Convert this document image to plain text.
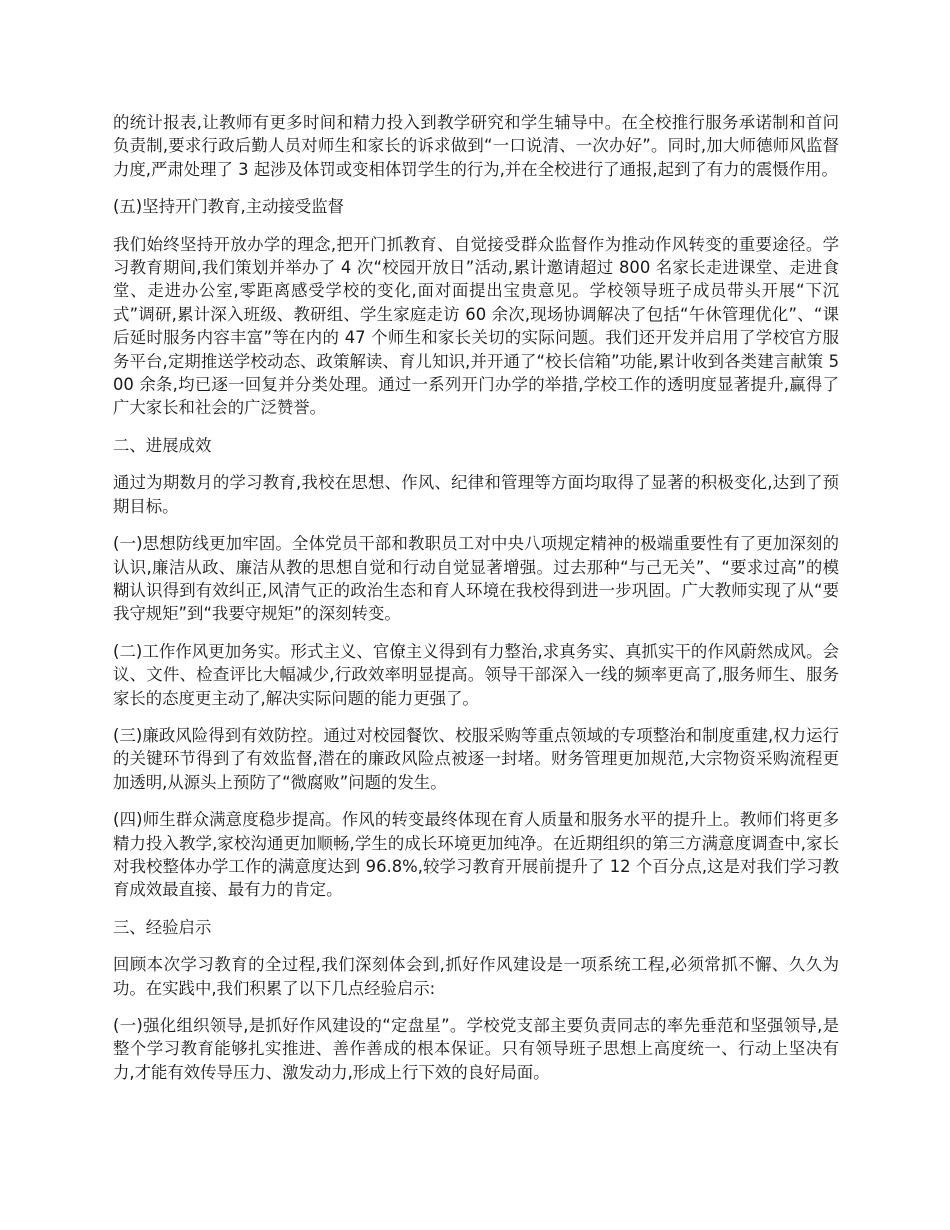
的统计报表,让教师有更多时间和精力投入到教学研究和学生辅导中。在全校推行服务承诺制和首问负责制,要求行政后勤人员对师生和家长的诉求做到“一口说清、一次办好”。同时,加大师德师风监督力度,严肃处理了 3 起涉及体罚或变相体罚学生的行为,并在全校进行了通报,起到了有力的震慑作用。

(五)坚持开门教育,主动接受监督

我们始终坚持开放办学的理念,把开门抓教育、自觉接受群众监督作为推动作风转变的重要途径。学习教育期间,我们策划并举办了 4 次“校园开放日”活动,累计邀请超过 800 名家长走进课堂、走进食堂、走进办公室,零距离感受学校的变化,面对面提出宝贵意见。学校领导班子成员带头开展“下沉式”调研,累计深入班级、教研组、学生家庭走访 60 余次,现场协调解决了包括“午休管理优化”、“课后延时服务内容丰富”等在内的 47 个师生和家长关切的实际问题。我们还开发并启用了学校官方服务平台,定期推送学校动态、政策解读、育儿知识,并开通了“校长信箱”功能,累计收到各类建言献策 500 余条,均已逐一回复并分类处理。通过一系列开门办学的举措,学校工作的透明度显著提升,赢得了广大家长和社会的广泛赞誉。

二、进展成效

通过为期数月的学习教育,我校在思想、作风、纪律和管理等方面均取得了显著的积极变化,达到了预期目标。

(一)思想防线更加牢固。全体党员干部和教职员工对中央八项规定精神的极端重要性有了更加深刻的认识,廉洁从政、廉洁从教的思想自觉和行动自觉显著增强。过去那种“与己无关”、“要求过高”的模糊认识得到有效纠正,风清气正的政治生态和育人环境在我校得到进一步巩固。广大教师实现了从“要我守规矩”到“我要守规矩”的深刻转变。

(二)工作作风更加务实。形式主义、官僚主义得到有力整治,求真务实、真抓实干的作风蔚然成风。会议、文件、检查评比大幅减少,行政效率明显提高。领导干部深入一线的频率更高了,服务师生、服务家长的态度更主动了,解决实际问题的能力更强了。

(三)廉政风险得到有效防控。通过对校园餐饮、校服采购等重点领域的专项整治和制度重建,权力运行的关键环节得到了有效监督,潜在的廉政风险点被逐一封堵。财务管理更加规范,大宗物资采购流程更加透明,从源头上预防了“微腐败”问题的发生。

(四)师生群众满意度稳步提高。作风的转变最终体现在育人质量和服务水平的提升上。教师们将更多精力投入教学,家校沟通更加顺畅,学生的成长环境更加纯净。在近期组织的第三方满意度调查中,家长对我校整体办学工作的满意度达到 96.8%,较学习教育开展前提升了 12 个百分点,这是对我们学习教育成效最直接、最有力的肯定。

三、经验启示

回顾本次学习教育的全过程,我们深刻体会到,抓好作风建设是一项系统工程,必须常抓不懈、久久为功。在实践中,我们积累了以下几点经验启示:

(一)强化组织领导,是抓好作风建设的“定盘星”。学校党支部主要负责同志的率先垂范和坚强领导,是整个学习教育能够扎实推进、善作善成的根本保证。只有领导班子思想上高度统一、行动上坚决有力,才能有效传导压力、激发动力,形成上行下效的良好局面。
